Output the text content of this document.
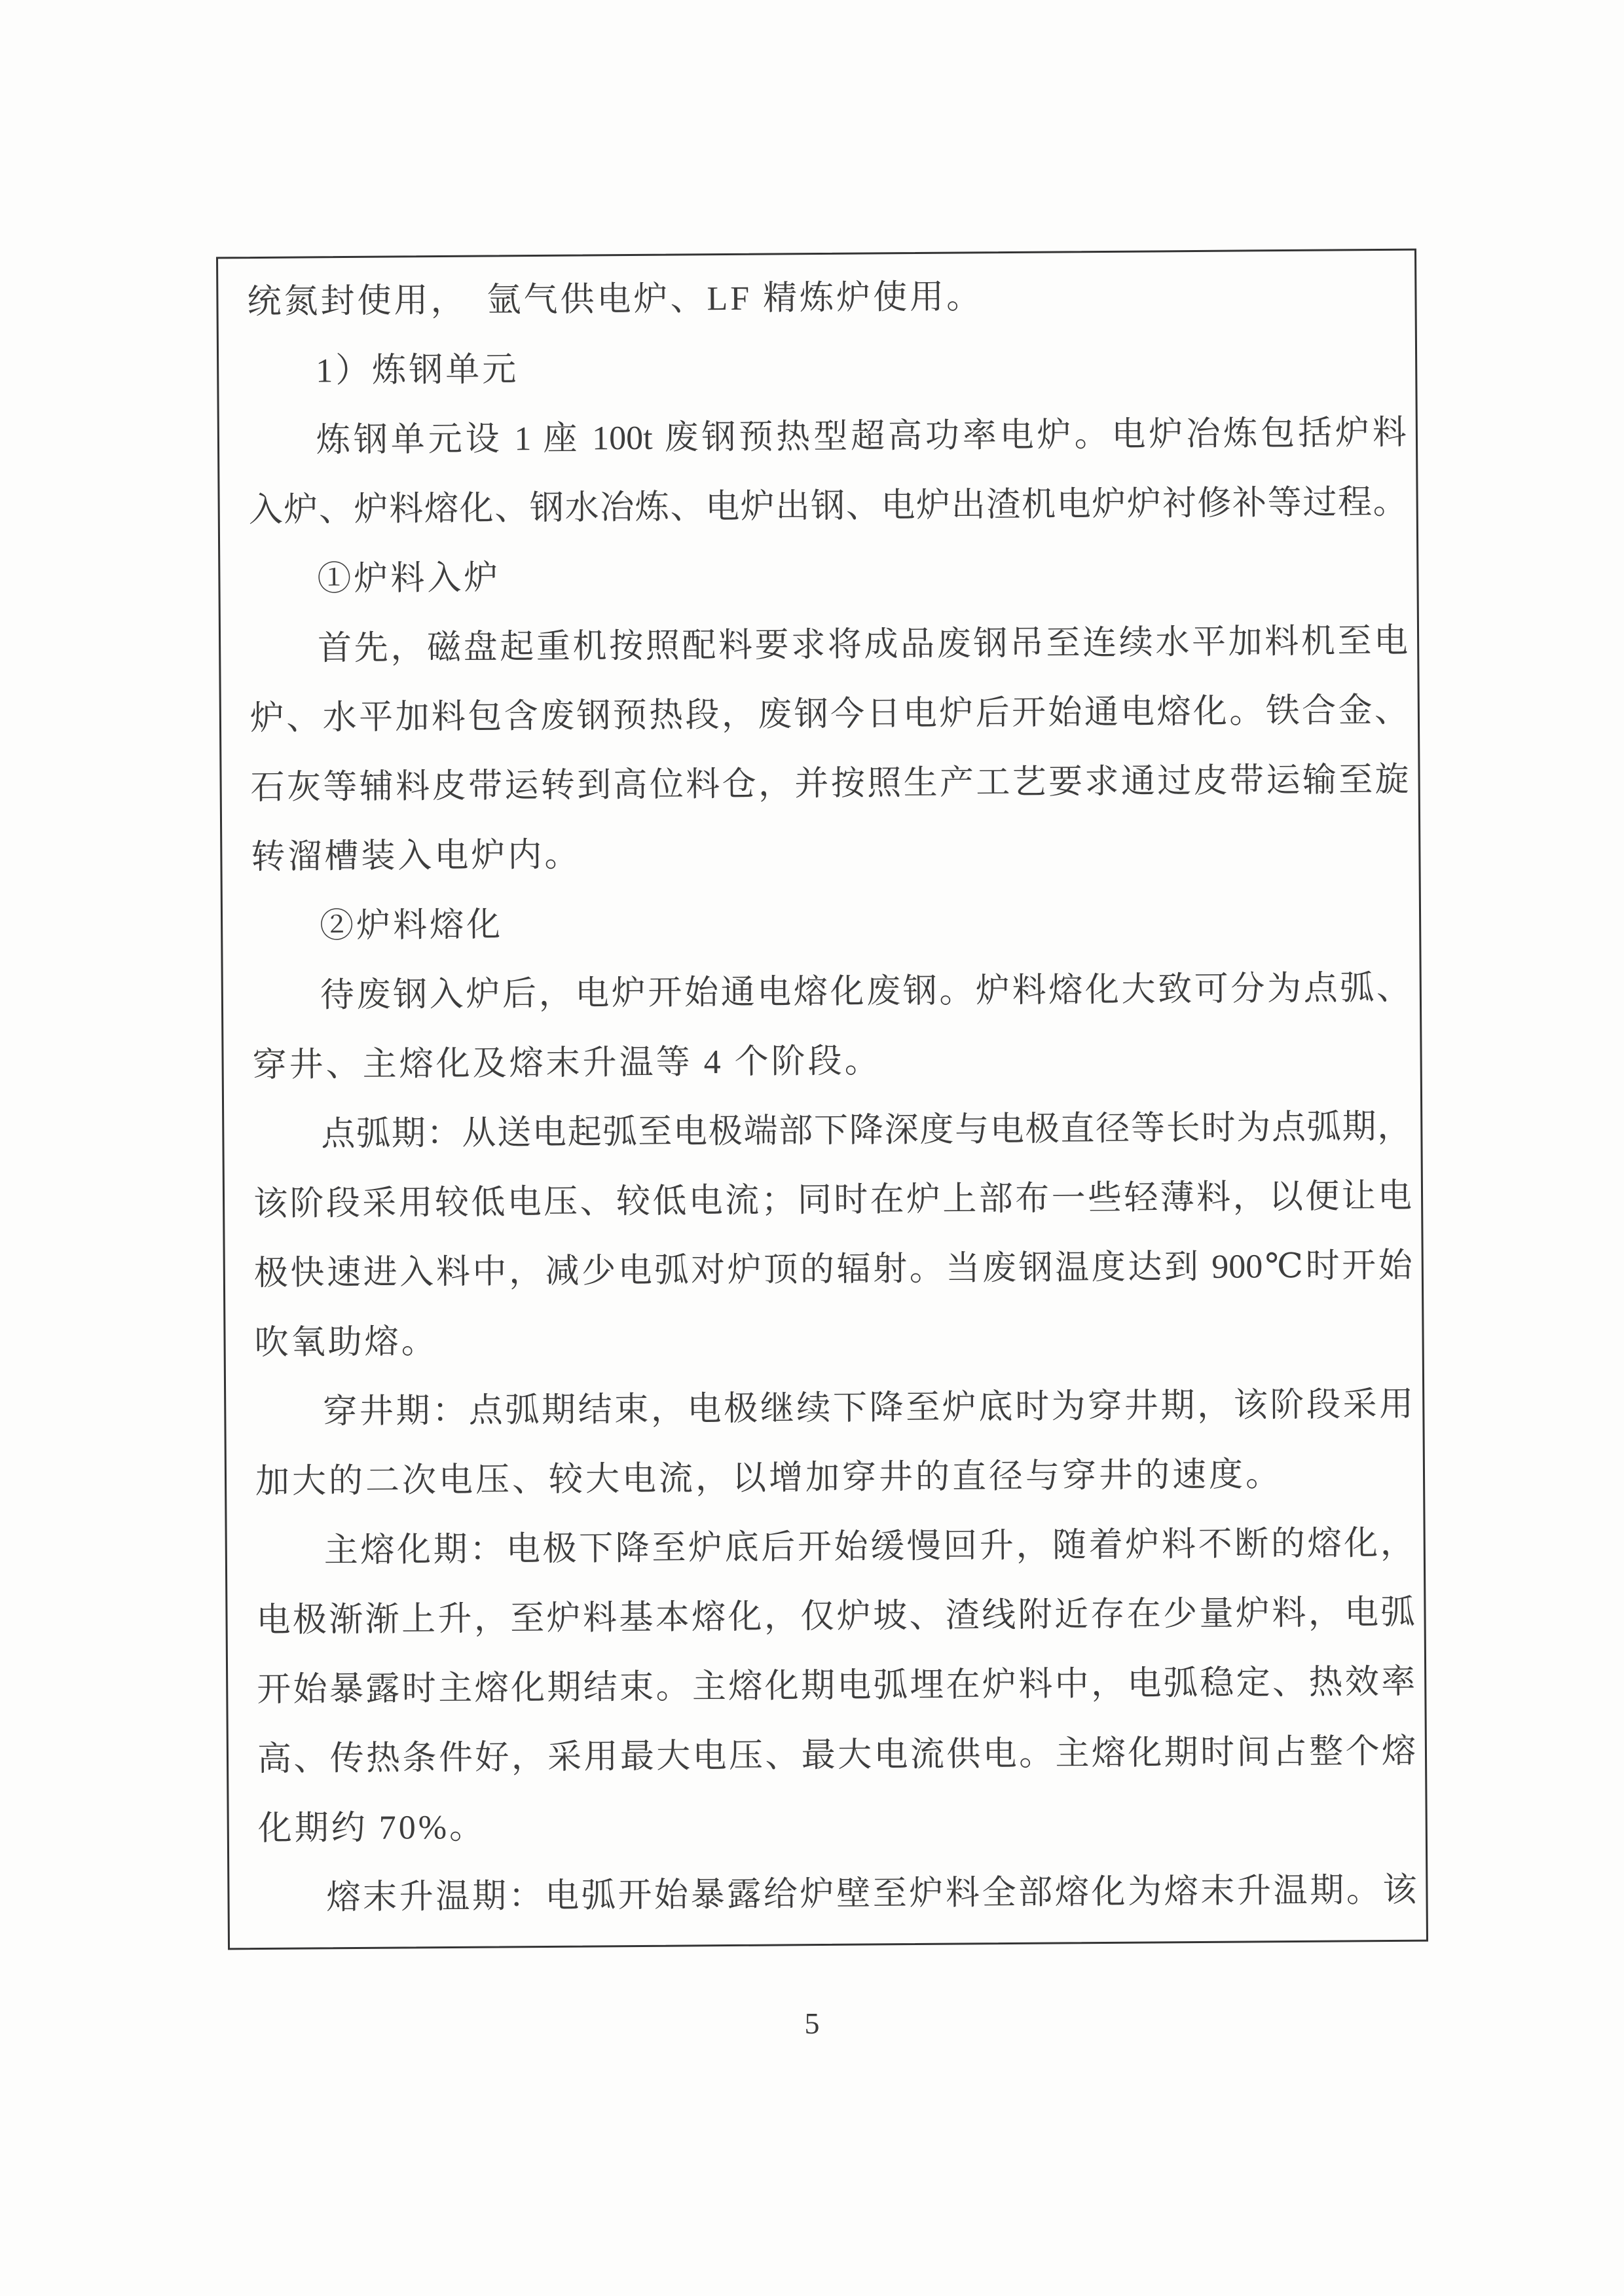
统氮封使用，　氩气供电炉、LF 精炼炉使用。
1）炼钢单元
炼钢单元设 1 座 100t 废钢预热型超高功率电炉。电炉冶炼包括炉料
入炉、炉料熔化、钢水冶炼、电炉出钢、电炉出渣机电炉炉衬修补等过程。
①炉料入炉
首先，磁盘起重机按照配料要求将成品废钢吊至连续水平加料机至电
炉、水平加料包含废钢预热段，废钢今日电炉后开始通电熔化。铁合金、
石灰等辅料皮带运转到高位料仓，并按照生产工艺要求通过皮带运输至旋
转溜槽装入电炉内。
②炉料熔化
待废钢入炉后，电炉开始通电熔化废钢。炉料熔化大致可分为点弧、
穿井、主熔化及熔末升温等 4 个阶段。
点弧期：从送电起弧至电极端部下降深度与电极直径等长时为点弧期，
该阶段采用较低电压、较低电流；同时在炉上部布一些轻薄料，以便让电
极快速进入料中，减少电弧对炉顶的辐射。当废钢温度达到 900℃时开始
吹氧助熔。
穿井期：点弧期结束，电极继续下降至炉底时为穿井期，该阶段采用
加大的二次电压、较大电流，以增加穿井的直径与穿井的速度。
主熔化期：电极下降至炉底后开始缓慢回升，随着炉料不断的熔化，
电极渐渐上升，至炉料基本熔化，仅炉坡、渣线附近存在少量炉料，电弧
开始暴露时主熔化期结束。主熔化期电弧埋在炉料中，电弧稳定、热效率
高、传热条件好，采用最大电压、最大电流供电。主熔化期时间占整个熔
化期约 70%。
熔末升温期：电弧开始暴露给炉壁至炉料全部熔化为熔末升温期。该
5
